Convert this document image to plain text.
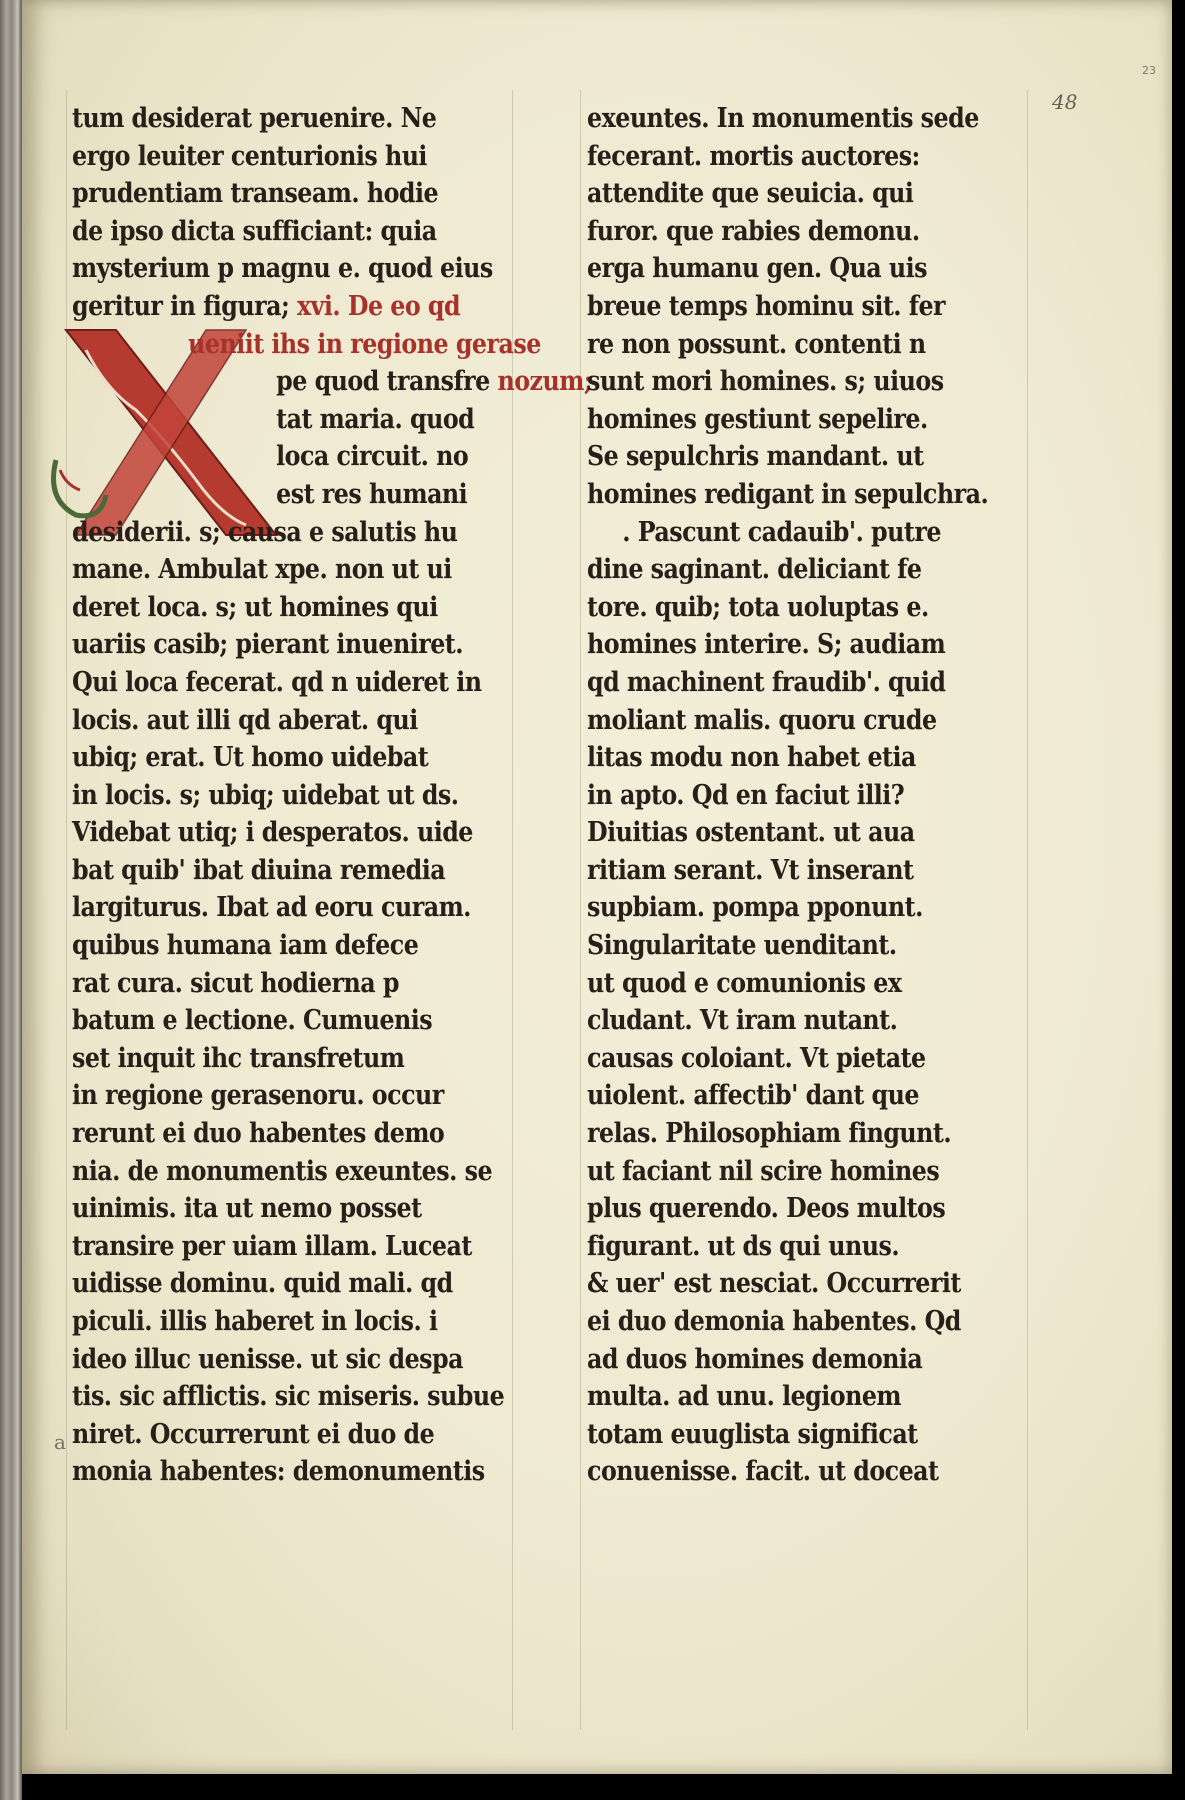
23
48
tum desiderat peruenire. Ne
ergo leuiter centurionis hui
prudentiam transeam. hodie
de ipso dicta sufficiant: quia
mysterium p magnu e. quod eius
geritur in figura; xvi. De eo qd
ueniit ihs in regione gerase
pe quod transfre nozum;
tat maria. quod
loca circuit. no
est res humani
desiderii. s; causa e salutis hu
mane. Ambulat xpe. non ut ui
deret loca. s; ut homines qui
uariis casib; pierant inueniret.
Qui loca fecerat. qd n uideret in
locis. aut illi qd aberat. qui
ubiq; erat. Ut homo uidebat
in locis. s; ubiq; uidebat ut ds.
Videbat utiq; i desperatos. uide
bat quib' ibat diuina remedia
largiturus. Ibat ad eoru curam.
quibus humana iam defece
rat cura. sicut hodierna p
batum e lectione. Cumuenis
set inquit ihc transfretum
in regione gerasenoru. occur
rerunt ei duo habentes demo
nia. de monumentis exeuntes. se
uinimis. ita ut nemo posset
transire per uiam illam. Luceat
uidisse dominu. quid mali. qd
piculi. illis haberet in locis. i
ideo illuc uenisse. ut sic despa
tis. sic afflictis. sic miseris. subue
niret. Occurrerunt ei duo de
monia habentes: demonumentis
exeuntes. In monumentis sede
fecerant. mortis auctores:
attendite que seuicia. qui
furor. que rabies demonu.
erga humanu gen. Qua uis
breue temps hominu sit. fer
re non possunt. contenti n
sunt mori homines. s; uiuos
homines gestiunt sepelire.
Se sepulchris mandant. ut
homines redigant in sepulchra.
. Pascunt cadauib'. putre
dine saginant. deliciant fe
tore. quib; tota uoluptas e.
homines interire. S; audiam
qd machinent fraudib'. quid
moliant malis. quoru crude
litas modu non habet etia
in apto. Qd en faciut illi?
Diuitias ostentant. ut aua
ritiam serant. Vt inserant
supbiam. pompa pponunt.
Singularitate uenditant.
ut quod e comunionis ex
cludant. Vt iram nutant.
causas coloiant. Vt pietate
uiolent. affectib' dant que
relas. Philosophiam fingunt.
ut faciant nil scire homines
plus querendo. Deos multos
figurant. ut ds qui unus.
& uer' est nesciat. Occurrerit
ei duo demonia habentes. Qd
ad duos homines demonia
multa. ad unu. legionem
totam euuglista significat
conuenisse. facit. ut doceat
a
